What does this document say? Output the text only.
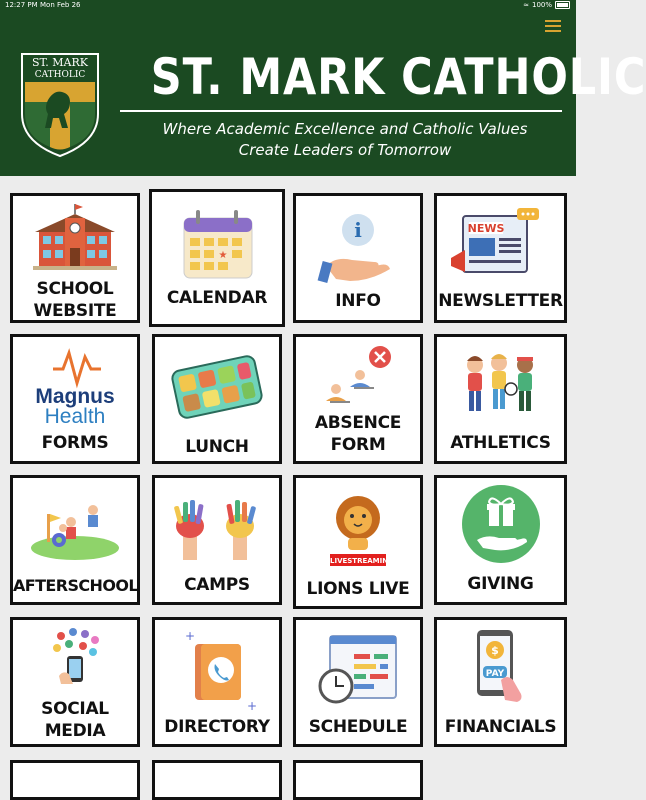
12:27 PM Mon Feb 26	≈ 100%
ST. MARK
CATHOLIC ST. MARK CATHOLIC
Where Academic Excellence and Catholic Values
Create Leaders of Tomorrow
SCHOOL
WEBSITE
★
CALENDAR
i
INFO
NEWS
NEWSLETTER
Magnus
Health
FORMS	LUNCH
ABSENCE
FORM	ATHLETICS
AFTERSCHOOL	CAMPS
LIVESTREAMING
LIONS LIVE	GIVING
SOCIAL
MEDIA
+
+
DIRECTORY	SCHEDULE
$
PAY
FINANCIALS
